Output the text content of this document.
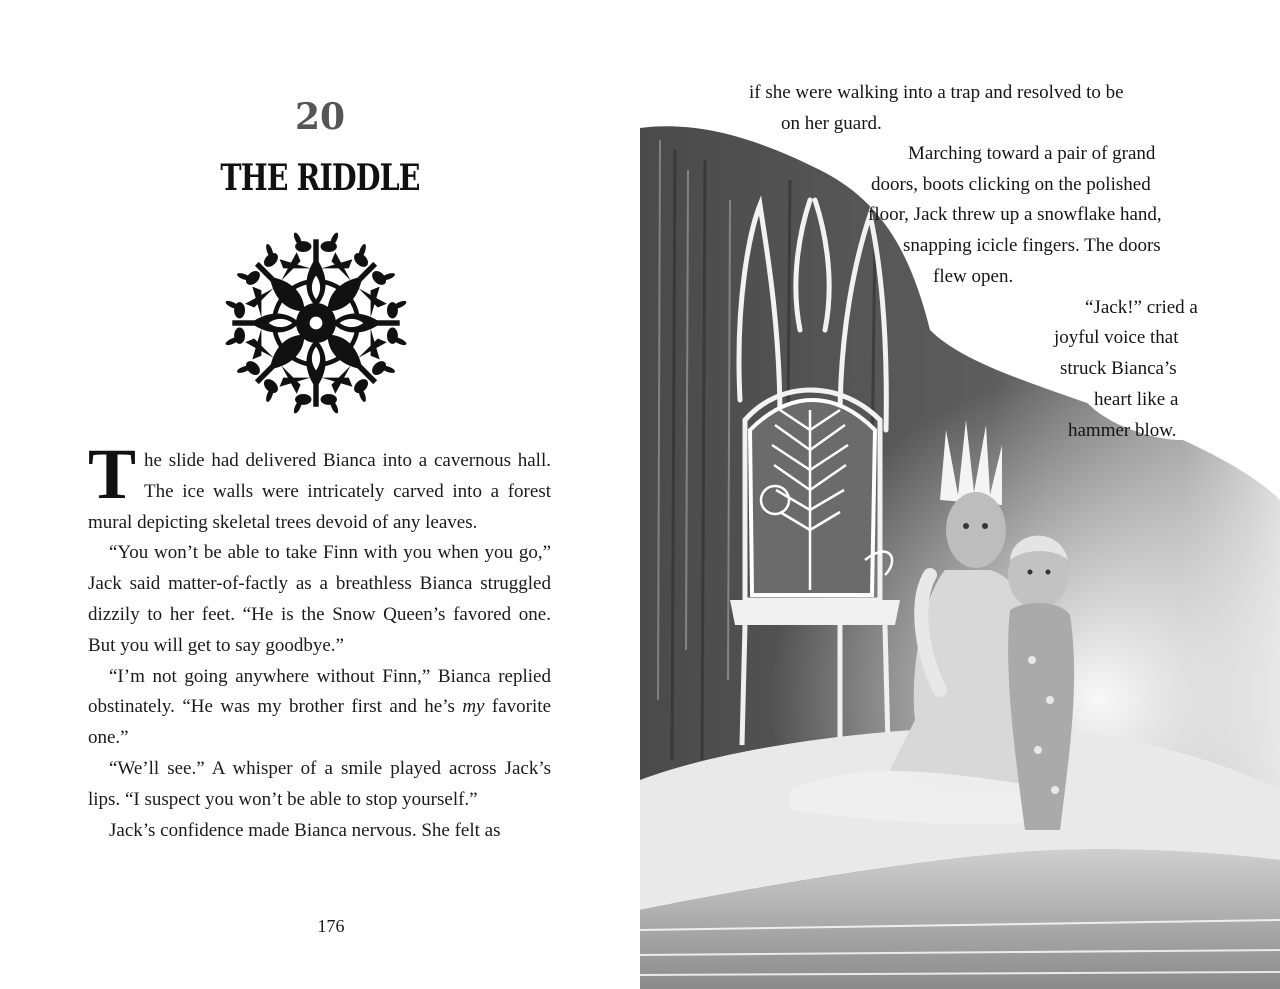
20
THE RIDDLE

The slide had delivered Bianca into a cavernous hall. The ice walls were intricately carved into a forest mural depicting skeletal trees devoid of any leaves.

“You won’t be able to take Finn with you when you go,” Jack said matter-of-factly as a breathless Bianca struggled dizzily to her feet. “He is the Snow Queen’s favored one. But you will get to say goodbye.”

“I’m not going anywhere without Finn,” Bianca replied obstinately. “He was my brother first and he’s my favorite one.”

“We’ll see.” A whisper of a smile played across Jack’s lips. “I suspect you won’t be able to stop yourself.”

Jack’s confidence made Bianca nervous. She felt as

176
if she were walking into a trap and resolved to be
on her guard.
Marching toward a pair of grand
doors, boots clicking on the polished
floor, Jack threw up a snowflake hand,
snapping icicle fingers. The doors
flew open.
“Jack!” cried a
joyful voice that
struck Bianca’s
heart like a
hammer blow.
